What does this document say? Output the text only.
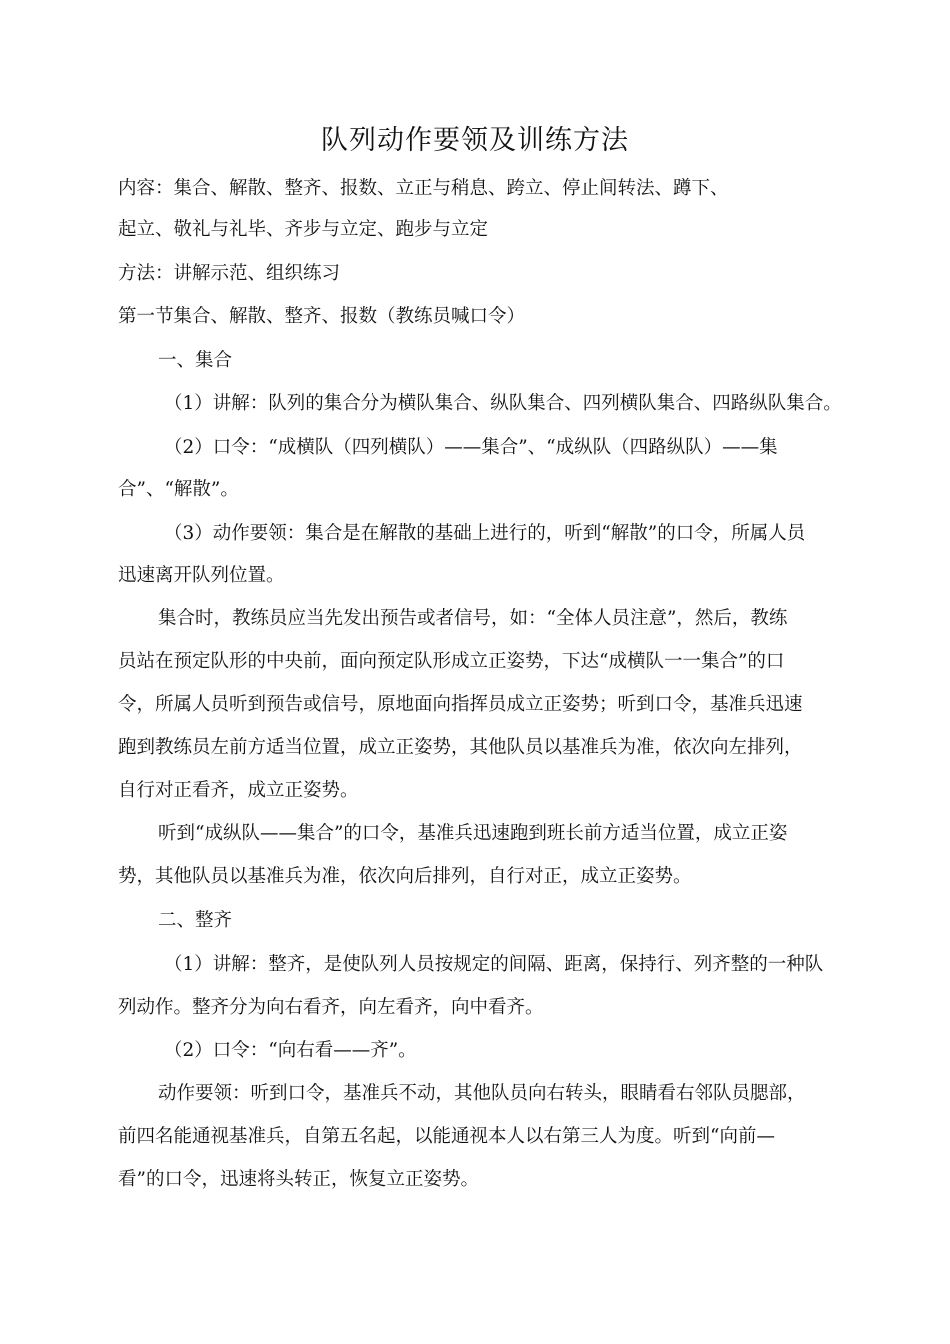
队列动作要领及训练方法
内容：集合、解散、整齐、报数、立正与稍息、跨立、停止间转法、蹲下、
起立、敬礼与礼毕、齐步与立定、跑步与立定
方法：讲解示范、组织练习
第一节集合、解散、整齐、报数（教练员喊口令）
一、集合
（1）讲解：队列的集合分为横队集合、纵队集合、四列横队集合、四路纵队集合。
（2）口令：“成横队（四列横队）——集合”、“成纵队（四路纵队）——集
合”、“解散”。
（3）动作要领：集合是在解散的基础上进行的，听到“解散”的口令，所属人员
迅速离开队列位置。
集合时，教练员应当先发出预告或者信号，如：“全体人员注意”，然后，教练
员站在预定队形的中央前，面向预定队形成立正姿势，下达“成横队一一集合”的口
令，所属人员听到预告或信号，原地面向指挥员成立正姿势；听到口令，基准兵迅速
跑到教练员左前方适当位置，成立正姿势，其他队员以基准兵为准，依次向左排列，
自行对正看齐，成立正姿势。
听到“成纵队——集合”的口令，基准兵迅速跑到班长前方适当位置，成立正姿
势，其他队员以基准兵为准，依次向后排列，自行对正，成立正姿势。
二、整齐
（1）讲解：整齐，是使队列人员按规定的间隔、距离，保持行、列齐整的一种队
列动作。整齐分为向右看齐，向左看齐，向中看齐。
（2）口令：“向右看——齐”。
动作要领：听到口令，基准兵不动，其他队员向右转头，眼睛看右邻队员腮部，
前四名能通视基准兵，自第五名起，以能通视本人以右第三人为度。听到“向前—
看”的口令，迅速将头转正，恢复立正姿势。
